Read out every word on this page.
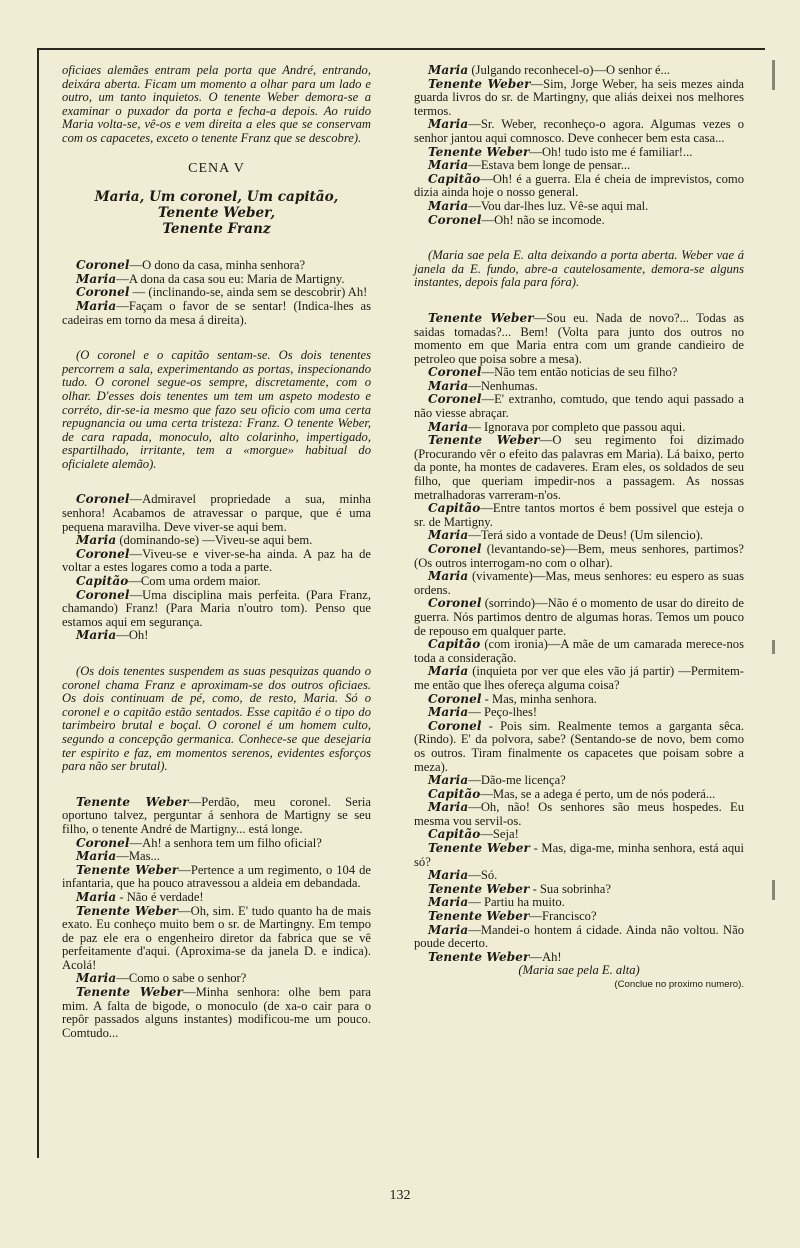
oficiaes alemães entram pela porta que André, entrando, deixára aberta. Ficam um momento a olhar para um lado e outro, um tanto inquietos. O tenente Weber demora-se a examinar o puxador da porta e fecha-a depois. Ao ruido Maria volta-se, vê-os e vem direita a eles que se conservam com os capacetes, exceto o tenente Franz que se descobre).

CENA V
Maria, Um coronel, Um capitão, Tenente Weber,
Tenente Franz

Coronel—O dono da casa, minha senhora?

Maria—A dona da casa sou eu: Maria de Martigny.

Coronel — (inclinando-se, ainda sem se descobrir) Ah!

Maria—Façam o favor de se sentar! (Indica-lhes as cadeiras em torno da mesa á direita).

(O coronel e o capitão sentam-se. Os dois tenentes percorrem a sala, experimentando as portas, inspecionando tudo. O coronel segue-os sempre, discretamente, com o olhar. D'esses dois tenentes um tem um aspeto modesto e corréto, dir-se-ia mesmo que fazo seu oficio com uma certa repugnancia ou uma certa tristeza: Franz. O tenente Weber, de cara rapada, monoculo, alto colarinho, impertigado, espartilhado, irritante, tem a «morgue» habitual do oficialete alemão).

Coronel—Admiravel propriedade a sua, minha senhora! Acabamos de atravessar o parque, que é uma pequena maravilha. Deve viver-se aqui bem.

Maria (dominando-se) —Viveu-se aqui bem.

Coronel—Viveu-se e viver-se-ha ainda. A paz ha de voltar a estes logares como a toda a parte.

Capitão—Com uma ordem maior.

Coronel—Uma disciplina mais perfeita. (Para Franz, chamando) Franz! (Para Maria n'outro tom). Penso que estamos aqui em segurança.

Maria—Oh!

(Os dois tenentes suspendem as suas pesquizas quando o coronel chama Franz e aproximam-se dos outros oficiaes. Os dois continuam de pé, como, de resto, Maria. Só o coronel e o capitão estão sentados. Esse capitão é o tipo do tarimbeiro brutal e boçal. O coronel é um homem culto, segundo a concepção germanica. Conhece-se que desejaria ter espirito e faz, em momentos serenos, evidentes esforços para não ser brutal).

Tenente Weber—Perdão, meu coronel. Seria oportuno talvez, perguntar á senhora de Martigny se seu filho, o tenente André de Martigny... está longe.

Coronel—Ah! a senhora tem um filho oficial?

Maria—Mas...

Tenente Weber—Pertence a um regimento, o 104 de infantaria, que ha pouco atravessou a aldeia em debandada.

Maria - Não é verdade!

Tenente Weber—Oh, sim. E' tudo quanto ha de mais exato. Eu conheço muito bem o sr. de Martingny. Em tempo de paz ele era o engenheiro diretor da fabrica que se vê perfeitamente d'aqui. (Aproxima-se da janela D. e indica). Acolá!

Maria—Como o sabe o senhor?

Tenente Weber—Minha senhora: olhe bem para mim. A falta de bigode, o monoculo (de xa-o cair para o repôr passados alguns instantes) modificou-me um pouco. Comtudo...

Maria (Julgando reconhecel-o)—O senhor é...

Tenente Weber—Sim, Jorge Weber, ha seis mezes ainda guarda livros do sr. de Martingny, que aliás deixei nos melhores termos.

Maria—Sr. Weber, reconheço-o agora. Algumas vezes o senhor jantou aqui comnosco. Deve conhecer bem esta casa...

Tenente Weber—Oh! tudo isto me é familiar!...

Maria—Estava bem longe de pensar...

Capitão—Oh! é a guerra. Ela é cheia de imprevistos, como dizia ainda hoje o nosso general.

Maria—Vou dar-lhes luz. Vê-se aqui mal.

Coronel—Oh! não se incomode.

(Maria sae pela E. alta deixando a porta aberta. Weber vae á janela da E. fundo, abre-a cautelosamente, demora-se alguns instantes, depois fala para fóra).

Tenente Weber—Sou eu. Nada de novo?... Todas as saidas tomadas?... Bem! (Volta para junto dos outros no momento em que Maria entra com um grande candieiro de petroleo que poisa sobre a mesa).

Coronel—Não tem então noticias de seu filho?

Maria—Nenhumas.

Coronel—E' extranho, comtudo, que tendo aqui passado a não viesse abraçar.

Maria— Ignorava por completo que passou aqui.

Tenente Weber—O seu regimento foi dizimado (Procurando vêr o efeito das palavras em Maria). Lá baixo, perto da ponte, ha montes de cadaveres. Eram eles, os soldados de seu filho, que queriam impedir-nos a passagem. As nossas metralhadoras varreram-n'os.

Capitão—Entre tantos mortos é bem possivel que esteja o sr. de Martigny.

Maria—Terá sido a vontade de Deus! (Um silencio).

Coronel (levantando-se)—Bem, meus senhores, partimos? (Os outros interrogam-no com o olhar).

Maria (vivamente)—Mas, meus senhores: eu espero as suas ordens.

Coronel (sorrindo)—Não é o momento de usar do direito de guerra. Nós partimos dentro de algumas horas. Temos um pouco de repouso em qualquer parte.

Capitão (com ironia)—A mãe de um camarada merece-nos toda a consideração.

Maria (inquieta por ver que eles vão já partir) —Permitem-me então que lhes ofereça alguma coisa?

Coronel - Mas, minha senhora.

Maria— Peço-lhes!

Coronel - Pois sim. Realmente temos a garganta sêca. (Rindo). E' da polvora, sabe? (Sentando-se de novo, bem como os outros. Tiram finalmente os capacetes que poisam sobre a meza).

Maria—Dão-me licença?

Capitão—Mas, se a adega é perto, um de nós poderá...

Maria—Oh, não! Os senhores são meus hospedes. Eu mesma vou servil-os.

Capitão—Seja!

Tenente Weber - Mas, diga-me, minha senhora, está aqui só?

Maria—Só.

Tenente Weber - Sua sobrinha?

Maria— Partiu ha muito.

Tenente Weber—Francisco?

Maria—Mandei-o hontem á cidade. Ainda não voltou. Não poude decerto.

Tenente Weber—Ah!

(Maria sae pela E. alta)

(Conclue no proximo numero).

132
